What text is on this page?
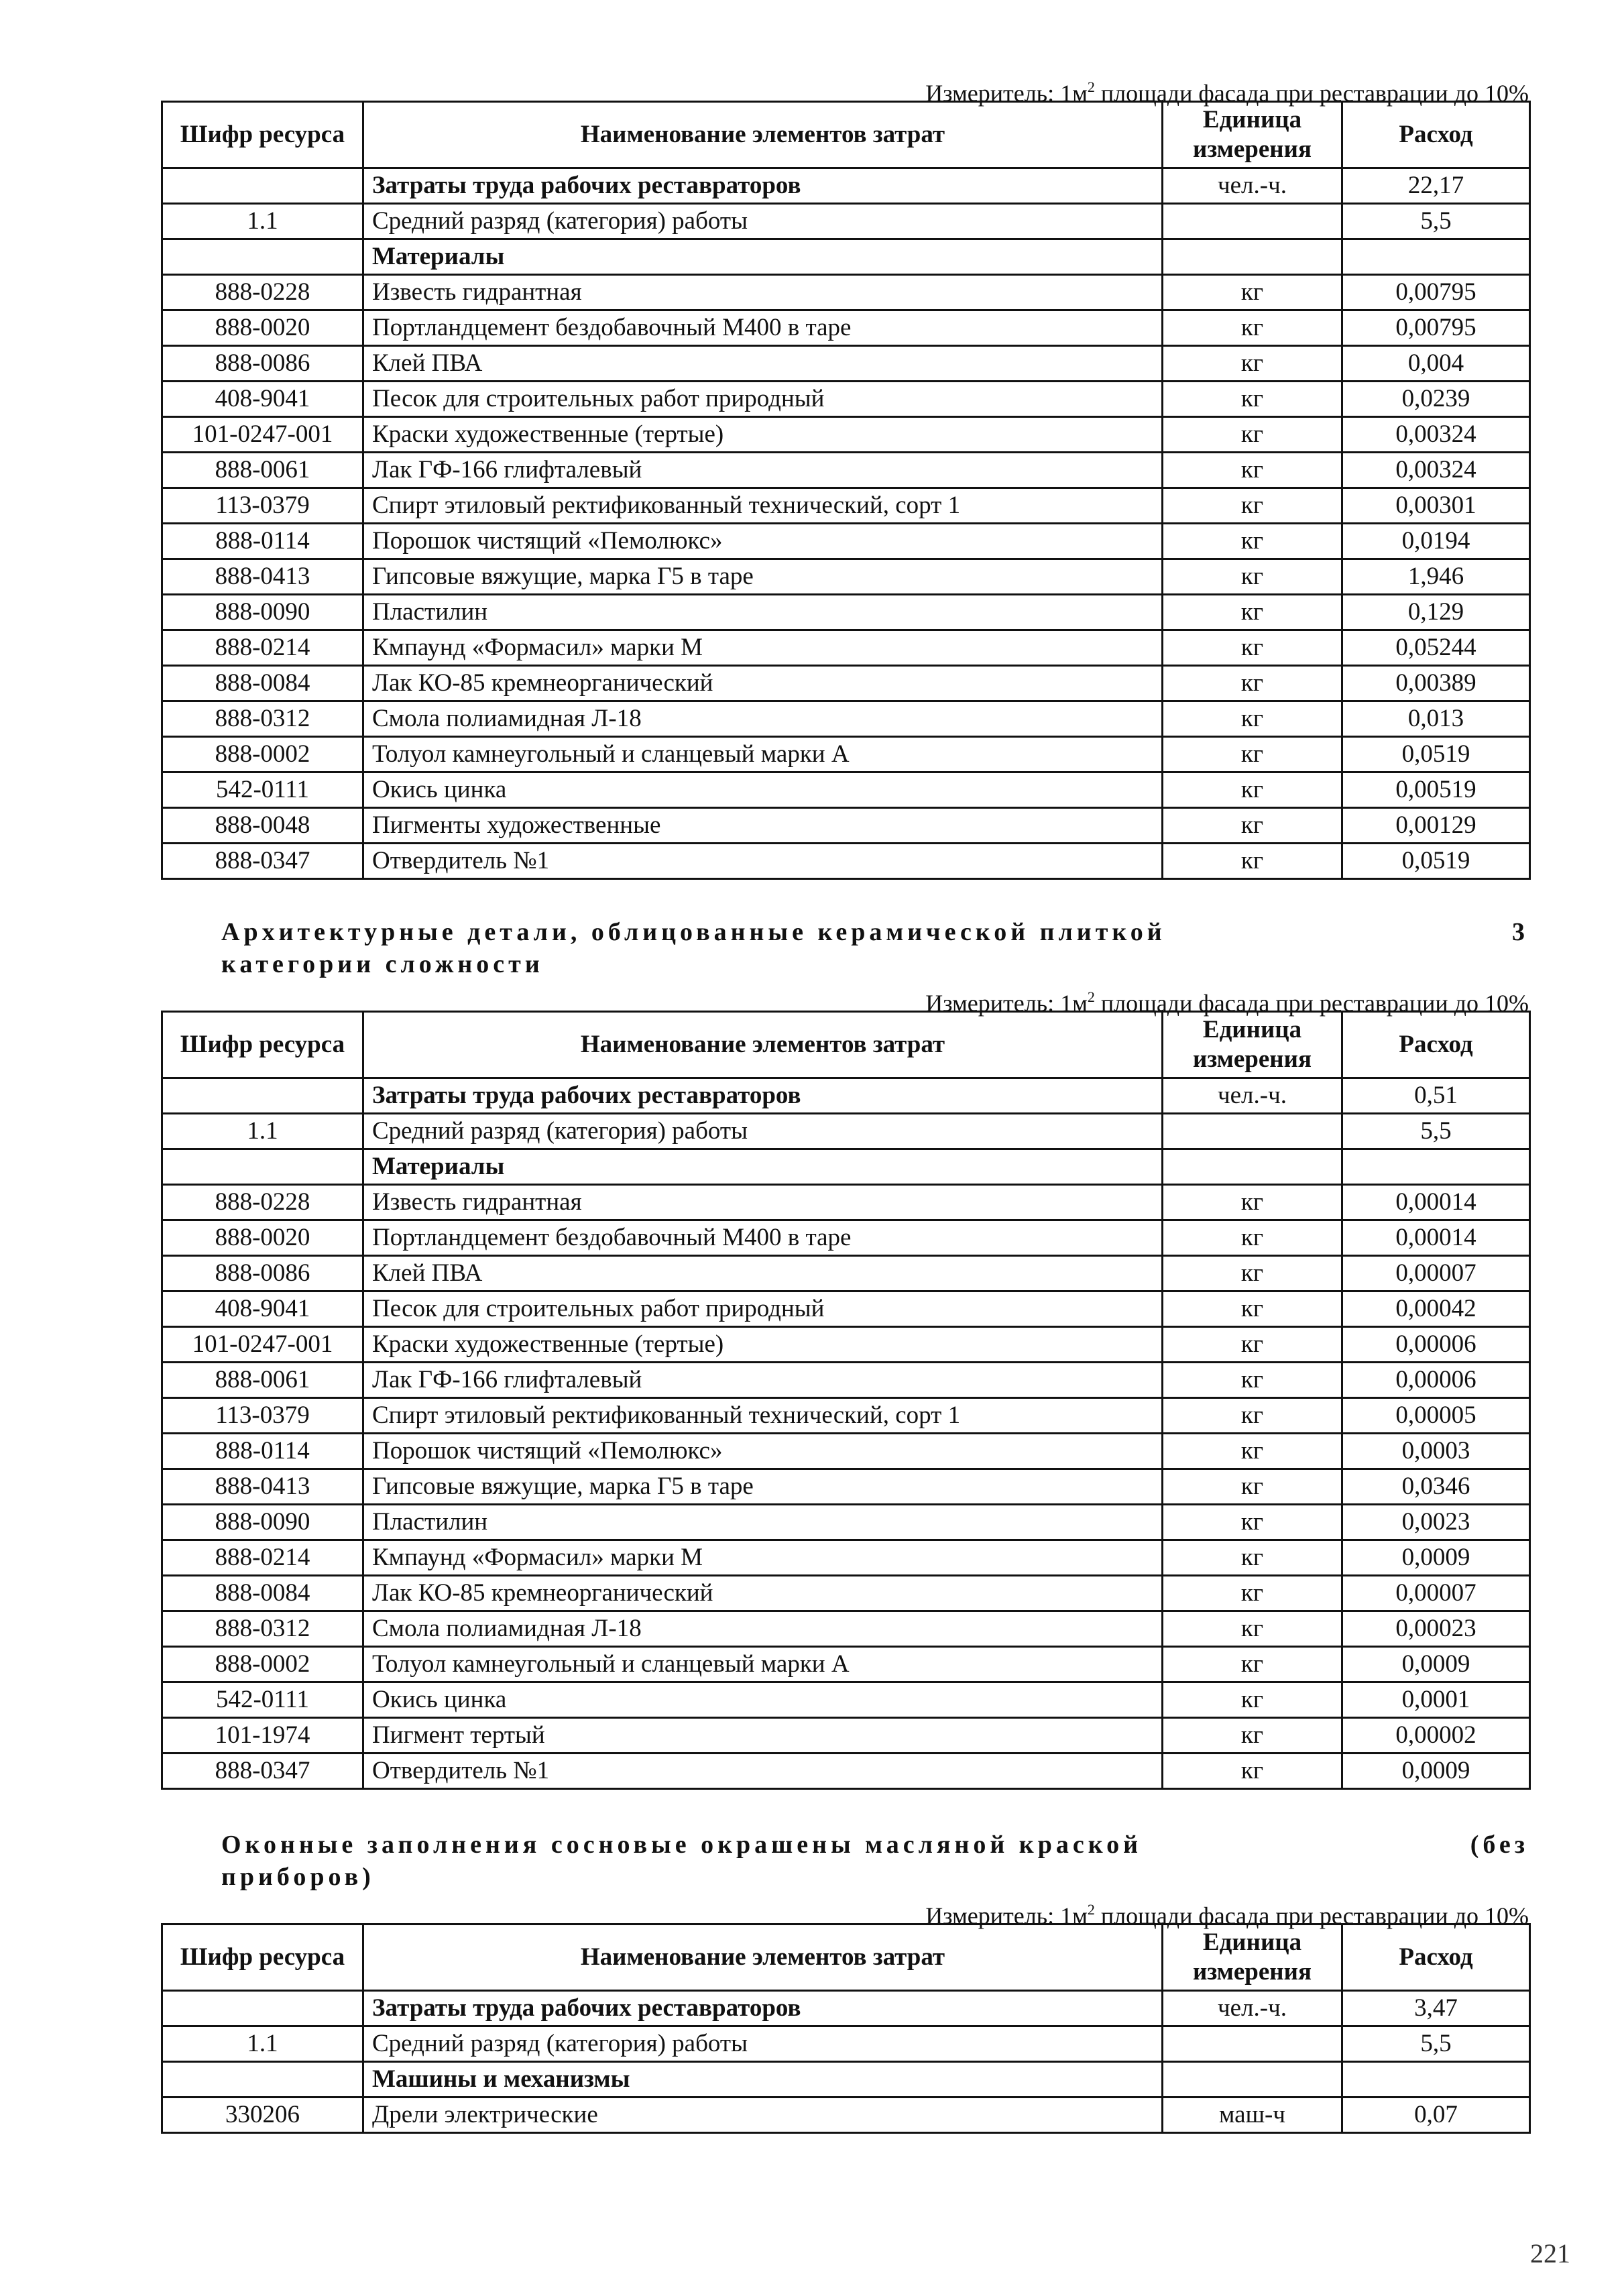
Измеритель: $1м^2$ площади фасада при реставрации до 10%
Шифр ресурса	Наименование элементов затрат	Единица измерения	Расход
	Затраты труда рабочих реставраторов	чел.-ч.	22,17
1.1	Средний разряд (категория) работы		5,5
	Материалы		
888-0228	Известь гидрантная	кг	0,00795
888-0020	Портландцемент бездобавочный М400 в таре	кг	0,00795
888-0086	Клей ПВА	кг	0,004
408-9041	Песок для строительных работ природный	кг	0,0239
101-0247-001	Краски художественные (тертые)	кг	0,00324
888-0061	Лак ГФ-166 глифталевый	кг	0,00324
113-0379	Спирт этиловый ректификованный технический, сорт 1	кг	0,00301
888-0114	Порошок чистящий «Пемолюкс»	кг	0,0194
888-0413	Гипсовые вяжущие, марка Г5 в таре	кг	1,946
888-0090	Пластилин	кг	0,129
888-0214	Кмпаунд «Формасил» марки М	кг	0,05244
888-0084	Лак КО-85 кремнеорганический	кг	0,00389
888-0312	Смола полиамидная Л-18	кг	0,013
888-0002	Толуол камнеугольный и сланцевый марки А	кг	0,0519
542-0111	Окись цинка	кг	0,00519
888-0048	Пигменты художественные	кг	0,00129
888-0347	Отвердитель №1	кг	0,0519
Архитектурные детали, облицованные керамической плиткой	3
категории сложности
Измеритель: $1м^2$ площади фасада при реставрации до 10%
Шифр ресурса	Наименование элементов затрат	Единица измерения	Расход
	Затраты труда рабочих реставраторов	чел.-ч.	0,51
1.1	Средний разряд (категория) работы		5,5
	Материалы		
888-0228	Известь гидрантная	кг	0,00014
888-0020	Портландцемент бездобавочный М400 в таре	кг	0,00014
888-0086	Клей ПВА	кг	0,00007
408-9041	Песок для строительных работ природный	кг	0,00042
101-0247-001	Краски художественные (тертые)	кг	0,00006
888-0061	Лак ГФ-166 глифталевый	кг	0,00006
113-0379	Спирт этиловый ректификованный технический, сорт 1	кг	0,00005
888-0114	Порошок чистящий «Пемолюкс»	кг	0,0003
888-0413	Гипсовые вяжущие, марка Г5 в таре	кг	0,0346
888-0090	Пластилин	кг	0,0023
888-0214	Кмпаунд «Формасил» марки М	кг	0,0009
888-0084	Лак КО-85 кремнеорганический	кг	0,00007
888-0312	Смола полиамидная Л-18	кг	0,00023
888-0002	Толуол камнеугольный и сланцевый марки А	кг	0,0009
542-0111	Окись цинка	кг	0,0001
101-1974	Пигмент тертый	кг	0,00002
888-0347	Отвердитель №1	кг	0,0009
Оконные заполнения сосновые окрашены масляной краской	(без
приборов)
Измеритель: $1м^2$ площади фасада при реставрации до 10%
Шифр ресурса	Наименование элементов затрат	Единица измерения	Расход
	Затраты труда рабочих реставраторов	чел.-ч.	3,47
1.1	Средний разряд (категория) работы		5,5
	Машины и механизмы		
330206	Дрели электрические	маш-ч	0,07
221
